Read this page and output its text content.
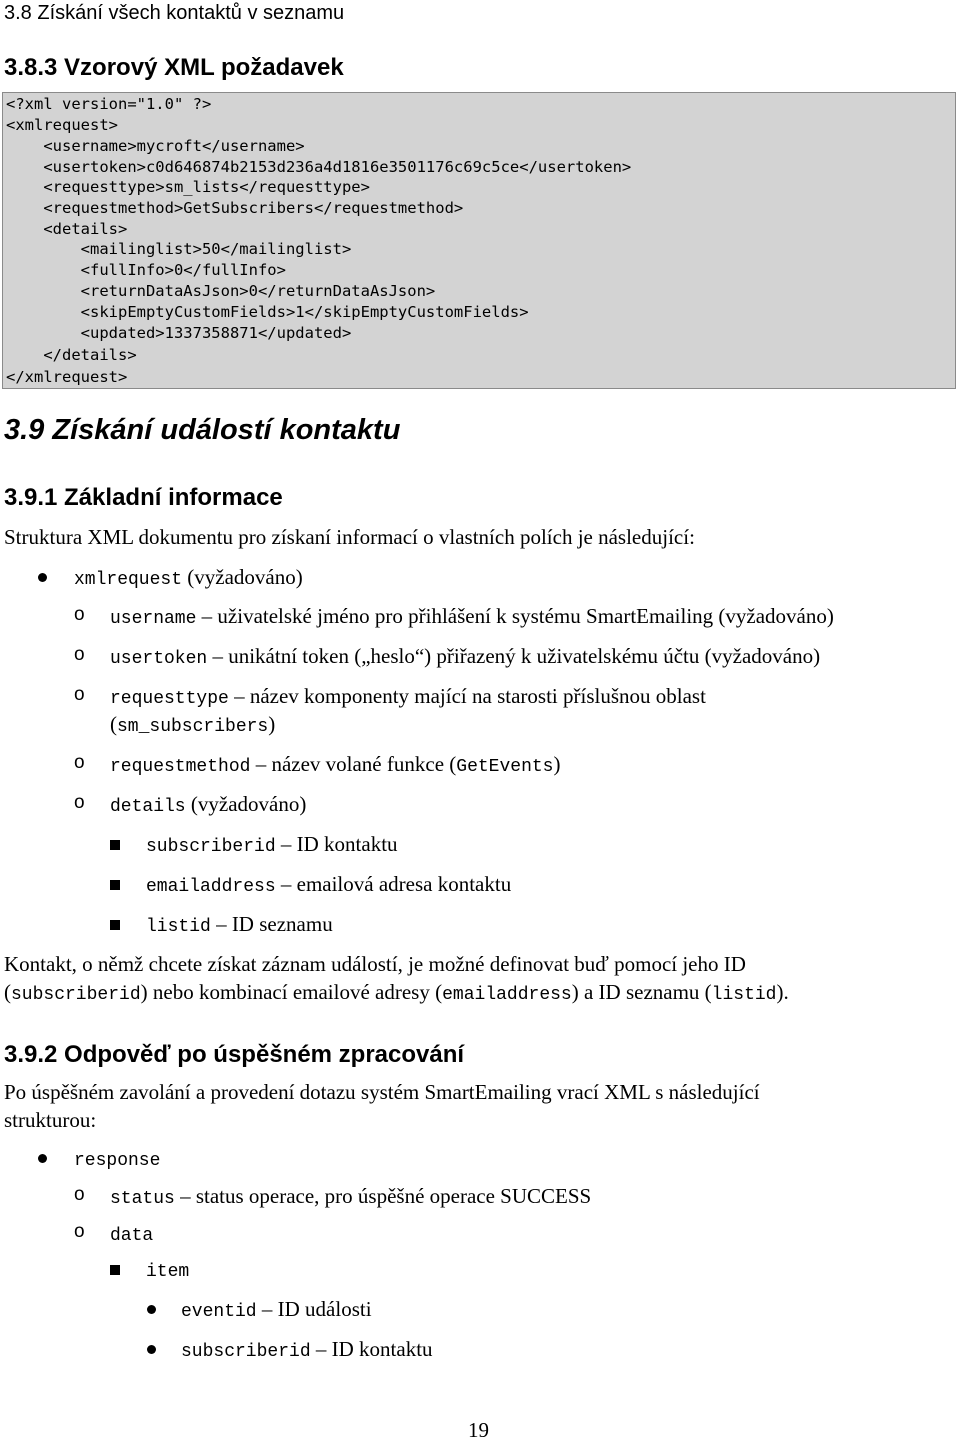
3.8 Získání všech kontaktů v seznamu
3.8.3 Vzorový XML požadavek
<?xml version="1.0" ?>
<xmlrequest>
<username>mycroft</username>
<usertoken>c0d646874b2153d236a4d1816e3501176c69c5ce</usertoken>
<requesttype>sm_lists</requesttype>
<requestmethod>GetSubscribers</requestmethod>
<details>
<mailinglist>50</mailinglist>
<fullInfo>0</fullInfo>
<returnDataAsJson>0</returnDataAsJson>
<skipEmptyCustomFields>1</skipEmptyCustomFields>
<updated>1337358871</updated>
</details>
</xmlrequest>
3.9 Získání událostí kontaktu
3.9.1 Základní informace
Struktura XML dokumentu pro získaní informací o vlastních polích je následující:
xmlrequest (vyžadováno)
o username – uživatelské jméno pro přihlášení k systému SmartEmailing (vyžadováno)
o usertoken – unikátní token („heslo“) přiřazený k uživatelskému účtu (vyžadováno)
o requesttype – název komponenty mající na starosti příslušnou oblast
(sm_subscribers)
o requestmethod – název volané funkce (GetEvents)
o details (vyžadováno)
subscriberid – ID kontaktu
emailaddress – emailová adresa kontaktu
listid – ID seznamu
Kontakt, o němž chcete získat záznam událostí, je možné definovat buď pomocí jeho ID
(subscriberid) nebo kombinací emailové adresy (emailaddress) a ID seznamu (listid).
3.9.2 Odpověď po úspěšném zpracování
Po úspěšném zavolání a provedení dotazu systém SmartEmailing vrací XML s následující
strukturou:
response
o status – status operace, pro úspěšné operace SUCCESS
o data
item
eventid – ID události
subscriberid – ID kontaktu
19
